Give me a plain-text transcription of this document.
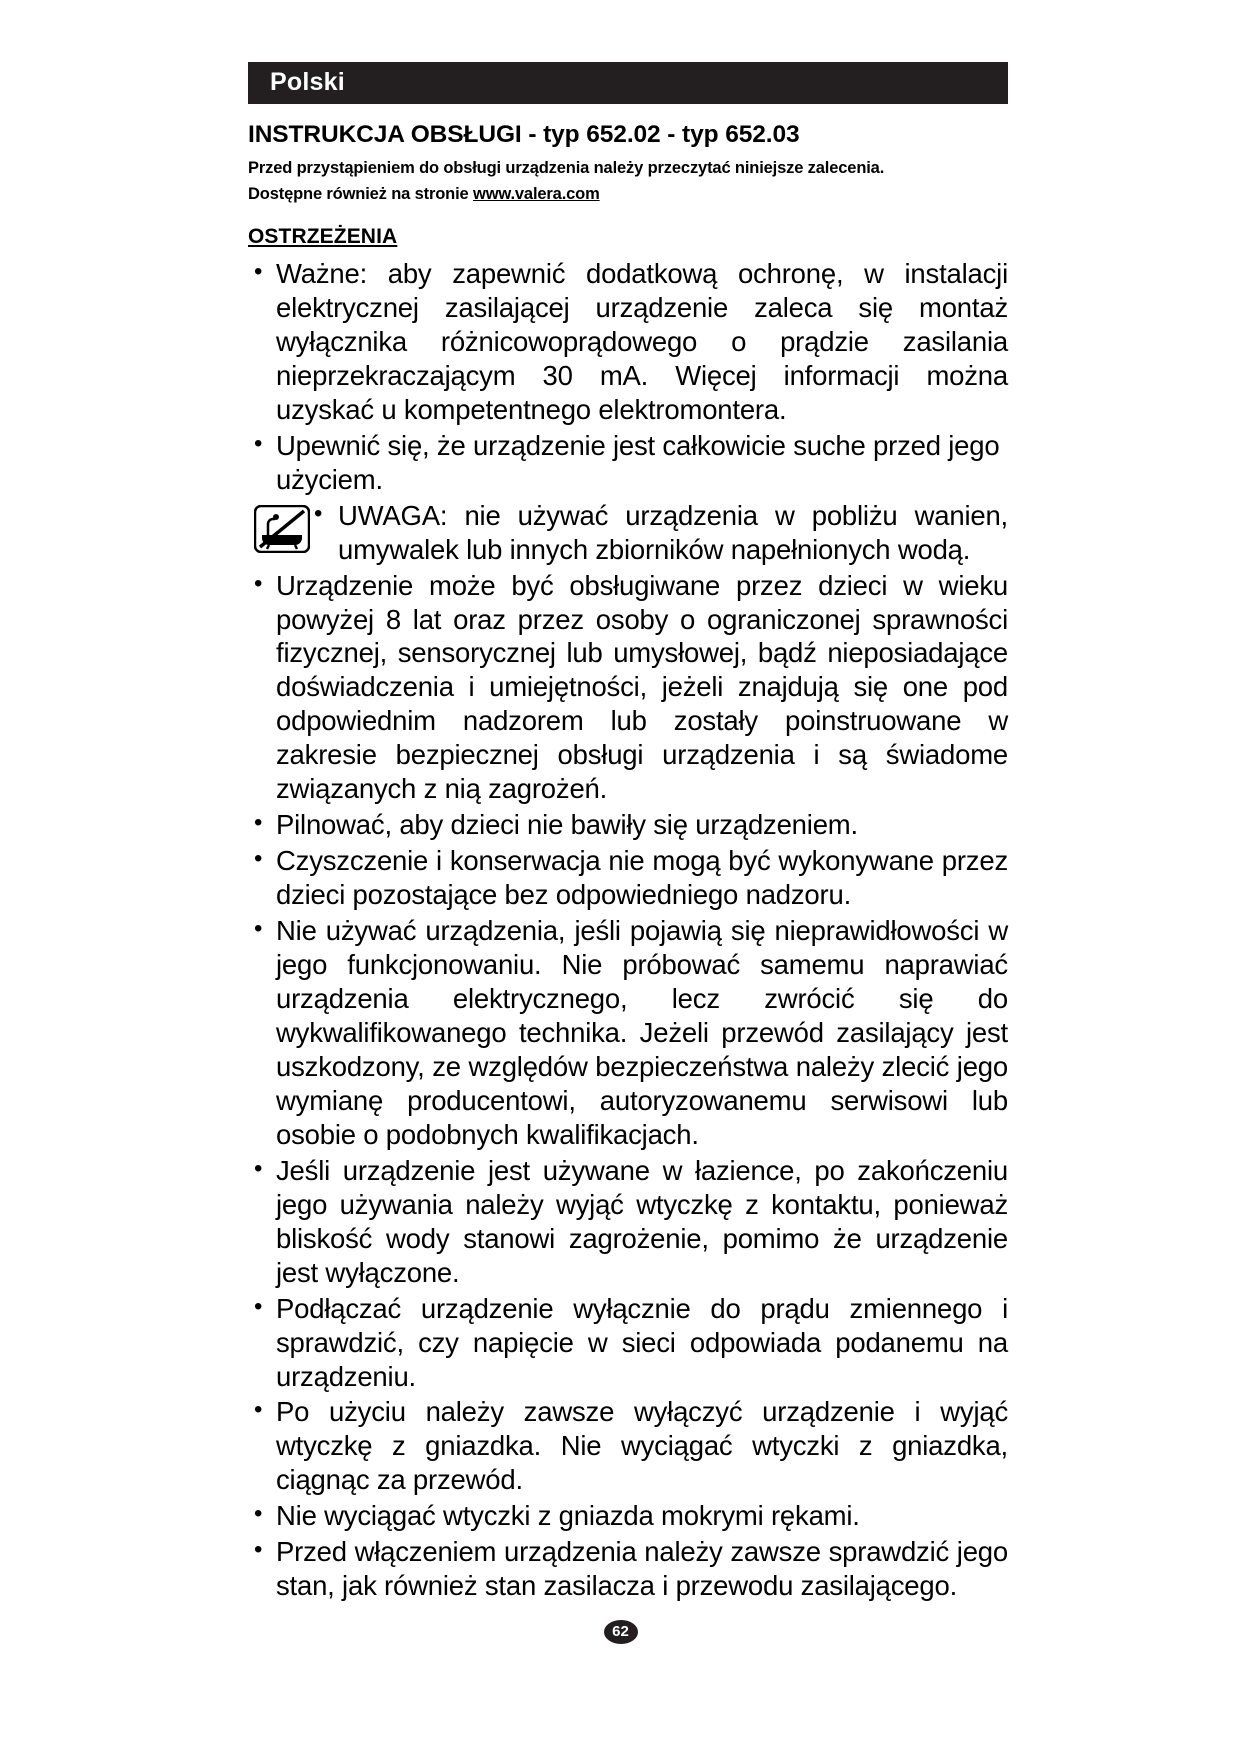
Polski
INSTRUKCJA OBSŁUGI - typ 652.02 - typ 652.03
Przed przystąpieniem do obsługi urządzenia należy przeczytać niniejsze zalecenia.
Dostępne również na stronie www.valera.com
OSTRZEŻENIA
• Ważne: aby zapewnić dodatkową ochronę, w instalacji elektrycznej zasilającej urządzenie zaleca się montaż wyłącznika różnicowoprądowego o prądzie zasilania nieprzekraczającym 30 mA. Więcej informacji można uzyskać u kompetentnego elektromontera.
• Upewnić się, że urządzenie jest całkowicie suche przed jego użyciem.
• UWAGA: nie używać urządzenia w pobliżu wanien, umywalek lub innych zbiorników napełnionych wodą.
• Urządzenie może być obsługiwane przez dzieci w wieku powyżej 8 lat oraz przez osoby o ograniczonej sprawności fizycznej, sensorycznej lub umysłowej, bądź nieposiadające doświadczenia i umiejętności, jeżeli znajdują się one pod odpowiednim nadzorem lub zostały poinstruowane w zakresie bezpiecznej obsługi urządzenia i są świadome związanych z nią zagrożeń.
• Pilnować, aby dzieci nie bawiły się urządzeniem.
• Czyszczenie i konserwacja nie mogą być wykonywane przez dzieci pozostające bez odpowiedniego nadzoru.
• Nie używać urządzenia, jeśli pojawią się nieprawidłowości w jego funkcjonowaniu. Nie próbować samemu naprawiać urządzenia elektrycznego, lecz zwrócić się do wykwalifikowanego technika. Jeżeli przewód zasilający jest uszkodzony, ze względów bezpieczeństwa należy zlecić jego wymianę producentowi, autoryzowanemu serwisowi lub osobie o podobnych kwalifikacjach.
• Jeśli urządzenie jest używane w łazience, po zakończeniu jego używania należy wyjąć wtyczkę z kontaktu, ponieważ bliskość wody stanowi zagrożenie, pomimo że urządzenie jest wyłączone.
• Podłączać urządzenie wyłącznie do prądu zmiennego i sprawdzić, czy napięcie w sieci odpowiada podanemu na urządzeniu.
• Po użyciu należy zawsze wyłączyć urządzenie i wyjąć wtyczkę z gniazdka. Nie wyciągać wtyczki z gniazdka, ciągnąc za przewód.
• Nie wyciągać wtyczki z gniazda mokrymi rękami.
• Przed włączeniem urządzenia należy zawsze sprawdzić jego stan, jak również stan zasilacza i przewodu zasilającego.
62
